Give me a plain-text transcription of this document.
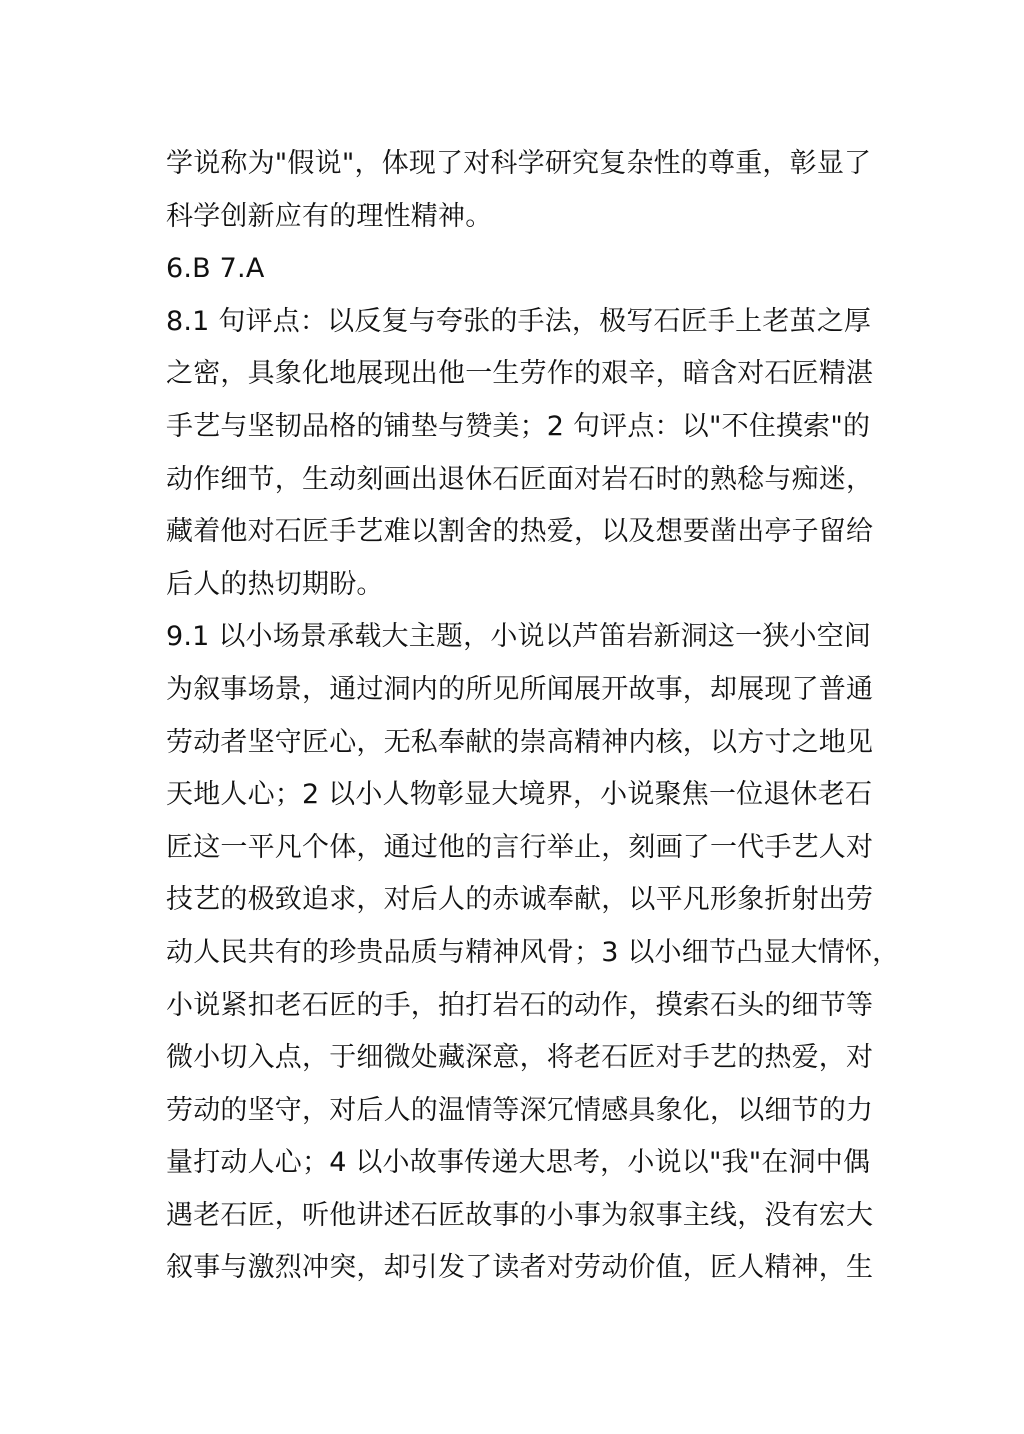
学说称为"假说"，体现了对科学研究复杂性的尊重，彰显了
科学创新应有的理性精神。
6.B 7.A
8.1 句评点：以反复与夸张的手法，极写石匠手上老茧之厚
之密，具象化地展现出他一生劳作的艰辛，暗含对石匠精湛
手艺与坚韧品格的铺垫与赞美；2 句评点：以"不住摸索"的
动作细节，生动刻画出退休石匠面对岩石时的熟稔与痴迷，
藏着他对石匠手艺难以割舍的热爱，以及想要凿出亭子留给
后人的热切期盼。
9.1 以小场景承载大主题，小说以芦笛岩新洞这一狭小空间
为叙事场景，通过洞内的所见所闻展开故事，却展现了普通
劳动者坚守匠心，无私奉献的崇高精神内核，以方寸之地见
天地人心；2 以小人物彰显大境界，小说聚焦一位退休老石
匠这一平凡个体，通过他的言行举止，刻画了一代手艺人对
技艺的极致追求，对后人的赤诚奉献，以平凡形象折射出劳
动人民共有的珍贵品质与精神风骨；3 以小细节凸显大情怀，
小说紧扣老石匠的手，拍打岩石的动作，摸索石头的细节等
微小切入点，于细微处藏深意，将老石匠对手艺的热爱，对
劳动的坚守，对后人的温情等深冗情感具象化，以细节的力
量打动人心；4 以小故事传递大思考，小说以"我"在洞中偶
遇老石匠，听他讲述石匠故事的小事为叙事主线，没有宏大
叙事与激烈冲突，却引发了读者对劳动价值，匠人精神，生
